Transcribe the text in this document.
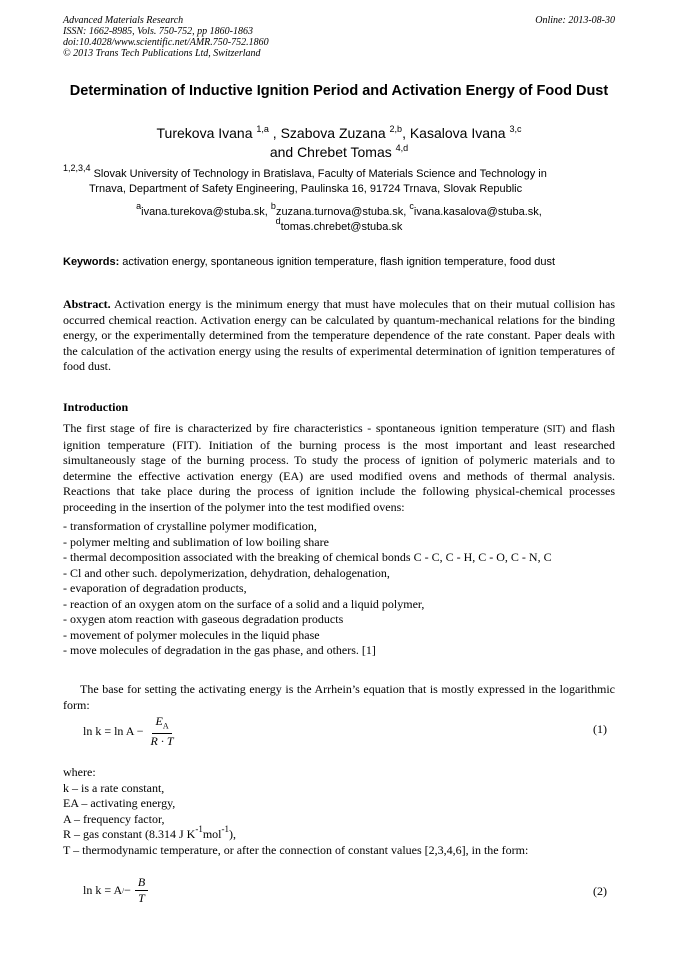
Advanced Materials Research
ISSN: 1662-8985, Vols. 750-752, pp 1860-1863
doi:10.4028/www.scientific.net/AMR.750-752.1860
© 2013 Trans Tech Publications Ltd, Switzerland
Online: 2013-08-30
Determination of Inductive Ignition Period and Activation Energy of Food Dust
Turekova Ivana $^{1,a}$ , Szabova Zuzana $^{2,b}$, Kasalova Ivana $^{3,c}$
and Chrebet Tomas $^{4,d}$
$^{1,2,3,4}$ Slovak University of Technology in Bratislava, Faculty of Materials Science and Technology in
Trnava, Department of Safety Engineering, Paulinska 16, 91724 Trnava, Slovak Republic
$^a$ivana.turekova@stuba.sk, $^b$zuzana.turnova@stuba.sk, $^c$ivana.kasalova@stuba.sk,
$^d$tomas.chrebet@stuba.sk
Keywords: activation energy, spontaneous ignition temperature, flash ignition temperature, food dust
Abstract. Activation energy is the minimum energy that must have molecules that on their mutual collision has occurred chemical reaction. Activation energy can be calculated by quantum-mechanical relations for the binding energy, or the experimentally determined from the temperature dependence of the rate constant. Paper deals with the calculation of the activation energy using the results of experimental determination of ignition temperatures of food dust.
Introduction
The first stage of fire is characterized by fire characteristics - spontaneous ignition temperature (SIT) and flash ignition temperature (FIT). Initiation of the burning process is the most important and least researched simultaneously stage of the burning process. To study the process of ignition of polymeric materials and to determine the effective activation energy (EA) are used modified ovens and methods of thermal analysis. Reactions that take place during the process of ignition include the following physical-chemical processes proceeding in the insertion of the polymer into the test modified ovens:
- transformation of crystalline polymer modification,
- polymer melting and sublimation of low boiling share
- thermal decomposition associated with the breaking of chemical bonds C - C, C - H, C - O, C - N, C
- Cl and other such. depolymerization, dehydration, dehalogenation,
- evaporation of degradation products,
- reaction of an oxygen atom on the surface of a solid and a liquid polymer,
- oxygen atom reaction with gaseous degradation products
- movement of polymer molecules in the liquid phase
- move molecules of degradation in the gas phase, and others. [1]
The base for setting the activating energy is the Arrhein’s equation that is mostly expressed in the logarithmic form:
$\ln k = \ln A - \frac{E_A}{R \cdot T}$	(1)
where:
k – is a rate constant,
EA – activating energy,
A – frequency factor,
R – gas constant (8.314 J $K^{-1}mol^{-1}$),
T – thermodynamic temperature, or after the connection of constant values [2,3,4,6], in the form:
ln k = A / − $\frac{B}{T}$	(2)
